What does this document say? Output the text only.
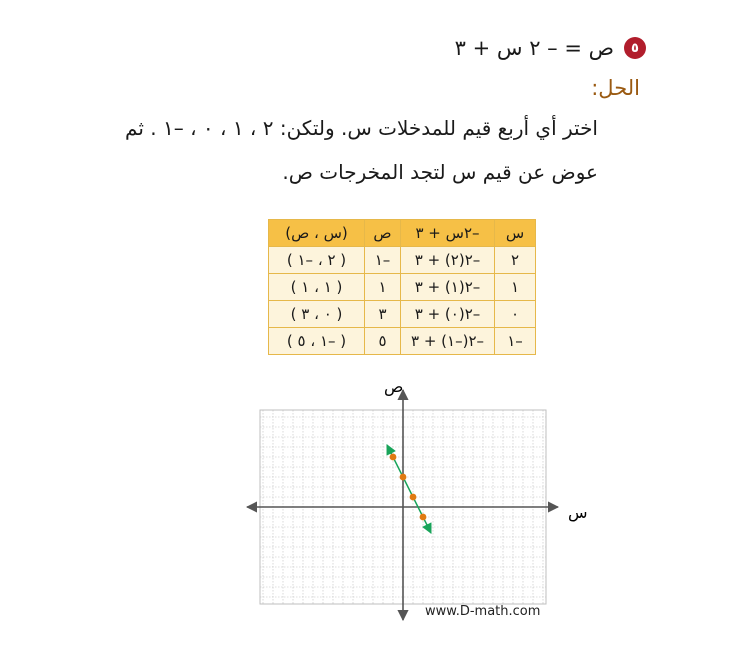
٥
ص = – ٢ س + ٣
الحل:
اختر أي أربع قيم للمدخلات س. ولتكن: ٢ ، ١ ، ٠ ، –١ . ثم
عوض عن قيم س لتجد المخرجات ص.
س	–٢س + ٣	ص	(س ، ص)
٢	–٢(٢) + ٣	–١	( ٢ ، –١ )
١	–٢(١) + ٣	١	( ١ ، ١ )
٠	–٢(٠) + ٣	٣	( ٠ ، ٣ )
–١	–٢(–١) + ٣	٥	( –١ ، ٥ )
س
ص
www.D-math.com
